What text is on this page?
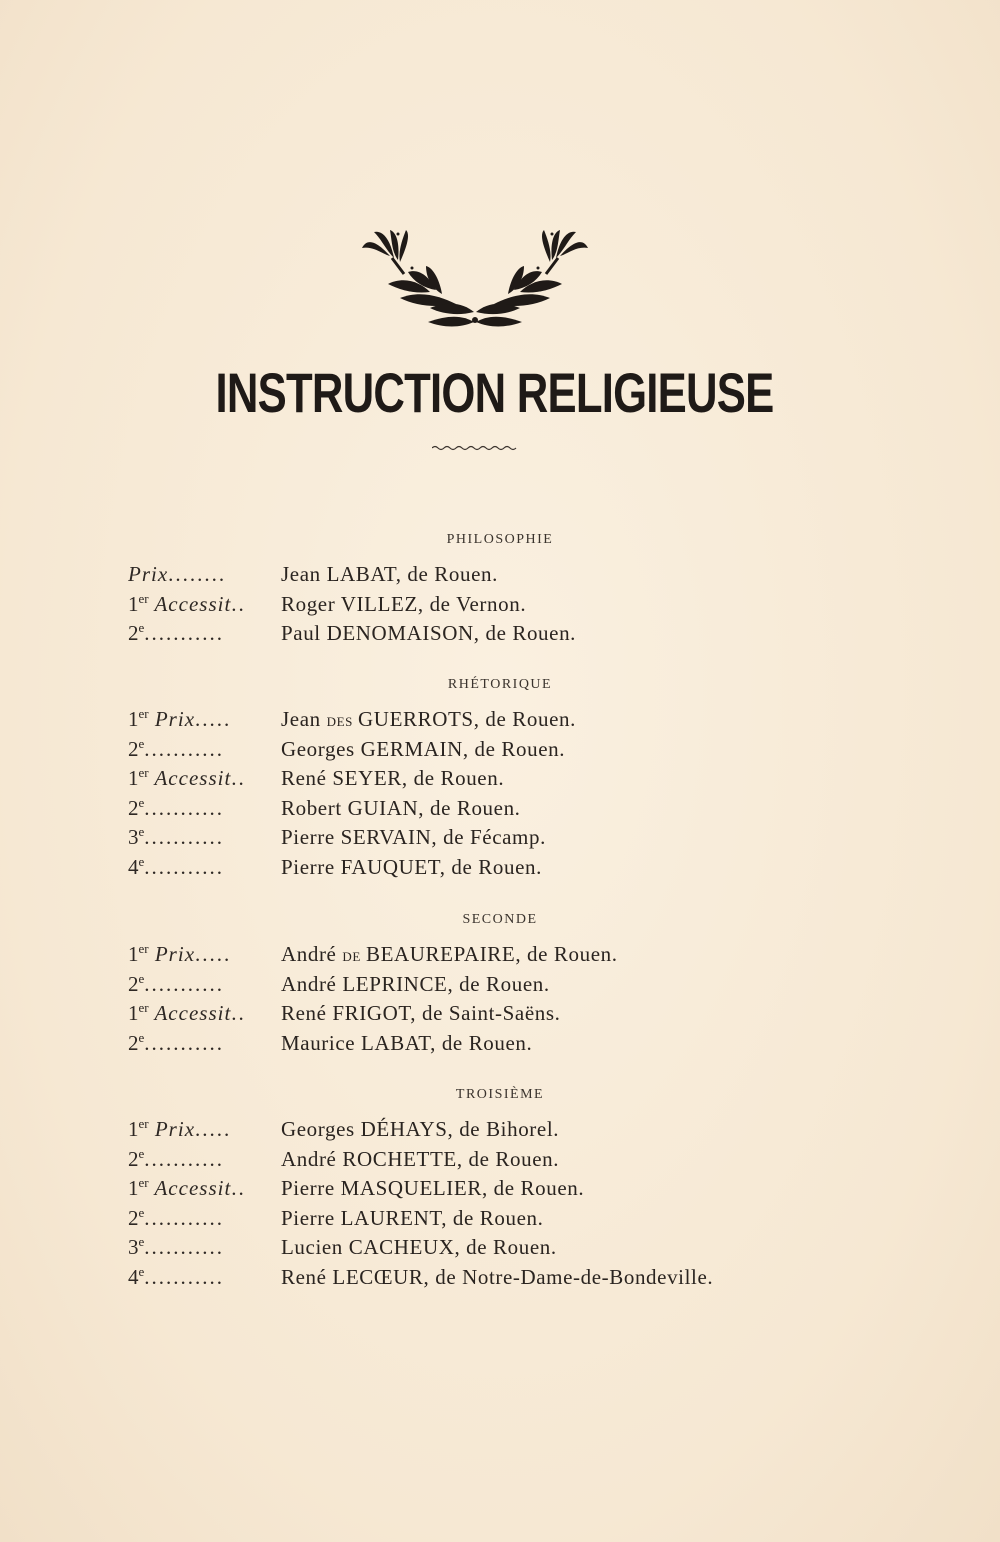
INSTRUCTION RELIGIEUSE
PHILOSOPHIE
Prix........	Jean LABAT, de Rouen.
1er Accessit..	Roger VILLEZ, de Vernon.
2e...........	Paul DENOMAISON, de Rouen.
RHÉTORIQUE
1er Prix.....	Jean des GUERROTS, de Rouen.
2e...........	Georges GERMAIN, de Rouen.
1er Accessit..	René SEYER, de Rouen.
2e...........	Robert GUIAN, de Rouen.
3e...........	Pierre SERVAIN, de Fécamp.
4e...........	Pierre FAUQUET, de Rouen.
SECONDE
1er Prix.....	André de BEAUREPAIRE, de Rouen.
2e...........	André LEPRINCE, de Rouen.
1er Accessit..	René FRIGOT, de Saint-Saëns.
2e...........	Maurice LABAT, de Rouen.
TROISIÈME
1er Prix.....	Georges DÉHAYS, de Bihorel.
2e...........	André ROCHETTE, de Rouen.
1er Accessit..	Pierre MASQUELIER, de Rouen.
2e...........	Pierre LAURENT, de Rouen.
3e...........	Lucien CACHEUX, de Rouen.
4e...........	René LECŒUR, de Notre-Dame-de-Bondeville.
